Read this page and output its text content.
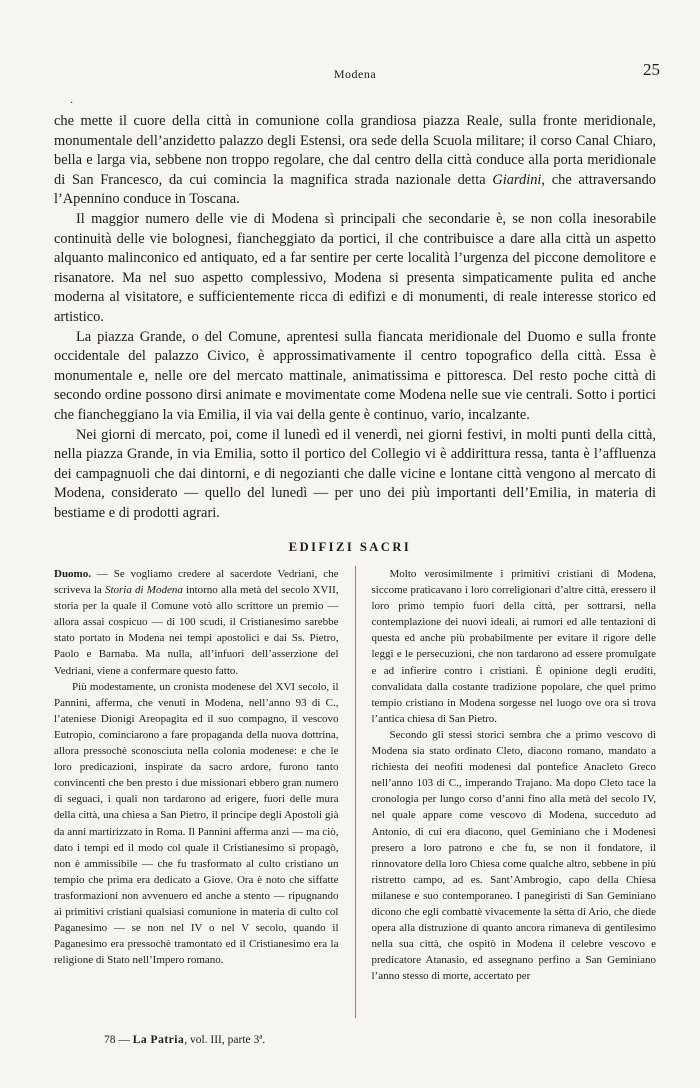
Modena	25
·

che mette il cuore della città in comunione colla grandiosa piazza Reale, sulla fronte meridionale, monumentale dell’anzidetto palazzo degli Estensi, ora sede della Scuola militare; il corso Canal Chiaro, bella e larga via, sebbene non troppo regolare, che dal centro della città conduce alla porta meridionale di San Francesco, da cui comincia la magnifica strada nazionale detta Giardini, che attraversando l’Apennino conduce in Toscana.

Il maggior numero delle vie di Modena sì principali che secondarie è, se non colla inesorabile continuità delle vie bolognesi, fiancheggiato da portici, il che contribuisce a dare alla città un aspetto alquanto malinconico ed antiquato, ed a far sentire per certe località l’urgenza del piccone demolitore e risanatore. Ma nel suo aspetto complessivo, Modena si presenta simpaticamente pulita ed anche moderna al visitatore, e sufficientemente ricca di edifizi e di monumenti, di reale interesse storico ed artistico.

La piazza Grande, o del Comune, aprentesi sulla fiancata meridionale del Duomo e sulla fronte occidentale del palazzo Civico, è approssimativamente il centro topografico della città. Essa è monumentale e, nelle ore del mercato mattinale, animatissima e pittoresca. Del resto poche città di secondo ordine possono dirsi animate e movimentate come Modena nelle sue vie centrali. Sotto i portici che fiancheggiano la via Emilia, il via vai della gente è continuo, vario, incalzante.

Nei giorni di mercato, poi, come il lunedì ed il venerdì, nei giorni festivi, in molti punti della città, nella piazza Grande, in via Emilia, sotto il portico del Collegio vi è addirittura ressa, tanta è l’affluenza dei campagnuoli che dai dintorni, e di negozianti che dalle vicine e lontane città vengono al mercato di Modena, considerato — quello del lunedì — per uno dei più importanti dell’Emilia, in materia di bestiame e di prodotti agrari.

EDIFIZI SACRI

Duomo. — Se vogliamo credere al sacerdote Vedriani, che scriveva la Storia di Modena intorno alla metà del secolo XVII, storia per la quale il Comune votò allo scrittore un premio — allora assai cospicuo — di 100 scudi, il Cristianesimo sarebbe stato portato in Modena nei tempi apostolici e dai Ss. Pietro, Paolo e Barnaba. Ma nulla, all’infuori dell’asserzione del Vedriani, viene a confermare questo fatto.

Più modestamente, un cronista modenese del XVI secolo, il Pannini, afferma, che venuti in Modena, nell’anno 93 di C., l’ateniese Dionigi Areopagita ed il suo compagno, il vescovo Eutropio, cominciarono a fare propaganda della nuova dottrina, allora pressochè sconosciuta nella colonia modenese: e che le loro predicazioni, inspirate da sacro ardore, furono tanto convincenti che ben presto i due missionari ebbero gran numero di seguaci, i quali non tardarono ad erigere, fuori delle mura della città, una chiesa a San Pietro, il principe degli Apostoli già da anni martirizzato in Roma. Il Pannini afferma anzi — ma ciò, dato i tempi ed il modo col quale il Cristianesimo si propagò, non è ammissibile — che fu trasformato al culto cristiano un tempio che prima era dedicato a Giove. Ora è noto che siffatte trasformazioni non avvenuero ed anche a stento — ripugnando ai primitivi cristiani qualsiasi comunione in materia di culto col Paganesimo — se non nel IV o nel V secolo, quando il Paganesimo era pressochè tramontato ed il Cristianesimo era la religione di Stato nell’Impero romano.

Molto verosimilmente i primitivi cristiani di Modena, siccome praticavano i loro correligionari d’altre città, eressero il loro primo tempio fuori della città, per sottrarsi, nella contemplazione dei nuovi ideali, ai rumori ed alle tentazioni di questa ed anche più probabilmente per evitare il rigore delle leggi e le persecuzioni, che non tardarono ad essere promulgate e ad infierire contro i cristiani. È opinione degli eruditi, convalidata dalla costante tradizione popolare, che quel primo tempio cristiano in Modena sorgesse nel luogo ove ora si trova l’antica chiesa di San Pietro.

Secondo gli stessi storici sembra che a primo vescovo di Modena sia stato ordinato Cleto, diacono romano, mandato a richiesta dei neofiti modenesi dal pontefice Anacleto Greco nell’anno 103 di C., imperando Trajano. Ma dopo Cleto tace la cronologia per lungo corso d’anni fino alla metà del secolo IV, nel quale appare come vescovo di Modena, succeduto ad Antonio, di cui era diacono, quel Geminiano che i Modenesi presero a loro patrono e che fu, se non il fondatore, il rinnovatore della loro Chiesa come qualche altro, sebbene in più ristretto campo, ad es. Sant’Ambrogio, capo della Chiesa milanese e suo contemporaneo. I panegiristi di San Geminiano dicono che egli combattè vivacemente la sètta di Ario, che diede opera alla distruzione di quanto ancora rimaneva di gentilesimo nella sua città, che ospitò in Modena il celebre vescovo e predicatore Atanasio, ed assegnano perfino a San Geminiano l’anno stesso di morte, accertato per

78 — La Patria, vol. III, parte 3ª.
